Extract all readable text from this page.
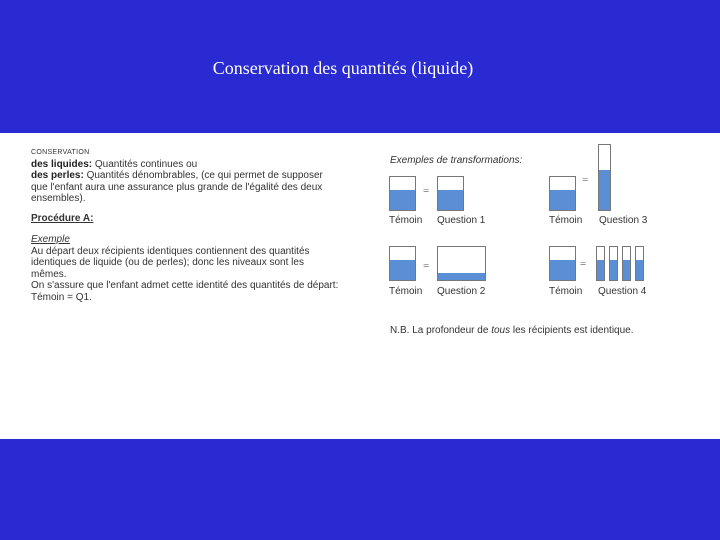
Conservation des quantités (liquide)
CONSERVATION
des liquides: Quantités continues ou
des perles: Quantités dénombrables, (ce qui permet de supposer que l'enfant aura une assurance plus grande de l'égalité des deux ensembles).
Procédure A:
Exemple
Au départ deux récipients identiques contiennent des quantités identiques de liquide (ou de perles); donc les niveaux sont les mêmes.
On s'assure que l'enfant admet cette identité des quantités de départ:
Témoin = Q1.
Exemples de transformations:
=
Témoin Question 1
=
Témoin Question 3
=
Témoin Question 2
=
Témoin Question 4
N.B. La profondeur de tous les récipients est identique.
